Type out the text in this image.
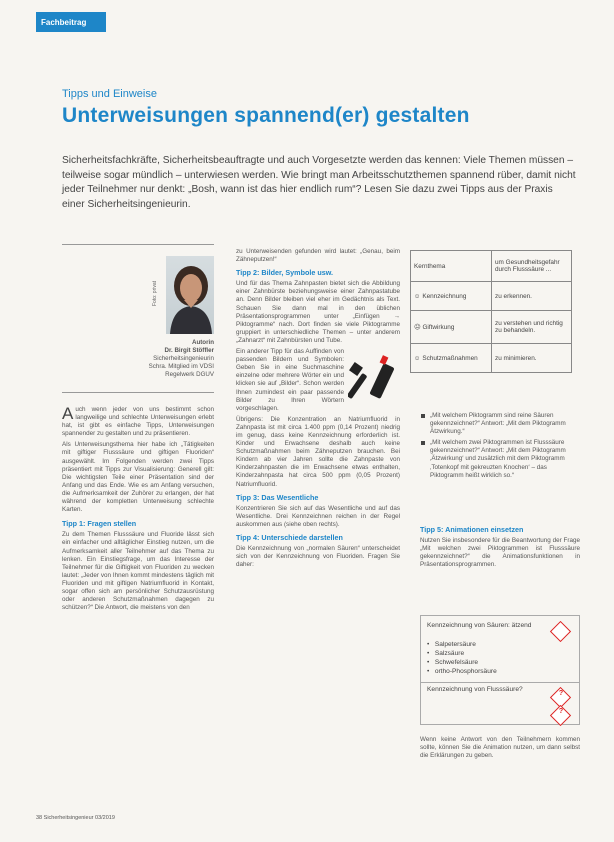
Fachbeitrag
Tipps und Einweise
Unterweisungen spannend(er) gestalten
Sicherheitsfachkräfte, Sicherheitsbeauftragte und auch Vorgesetzte werden das kennen: Viele Themen müssen – teilweise sogar mündlich – unterwiesen werden. Wie bringt man Arbeitsschutzthemen spannend rüber, damit nicht jeder Teilnehmer nur denkt: „Bosh, wann ist das hier endlich rum“? Lesen Sie dazu zwei Tipps aus der Praxis einer Sicherheitsingenieurin.
Foto: privat
Autorin
Dr. Birgit Stöffler
Sicherheitsingenieurin
Schra. Mitglied im VDSI
Regelwerk DGUV

Auch wenn jeder von uns bestimmt schon langweilige und schlechte Unterweisungen erlebt hat, ist gibt es einfache Tipps, Unterweisungen spannender zu gestalten und zu präsentieren.

Als Unterweisungsthema hier habe ich „Tätigkeiten mit giftiger Flusssäure und giftigen Fluoriden“ ausgewählt. Im Folgenden werden zwei Tipps präsentiert mit Tipps zur Visualisierung: Generell gilt: Die wichtigsten Teile einer Präsentation sind der Anfang und das Ende. Wie es am Anfang versuchen, die Aufmerksamkeit der Zuhörer zu erlangen, der hat während der kompletten Unterweisung schlechte Karten.

Tipp 1: Fragen stellen

Zu dem Themen Flusssäure und Fluoride lässt sich ein einfacher und alltäglicher Einstieg nutzen, um die Aufmerksamkeit aller Teilnehmer auf das Thema zu lenken. Ein Einstiegsfrage, um das Interesse der Teilnehmer für die Giftigkeit von Fluoriden zu wecken lautet: „Jeder von Ihnen kommt mindestens täglich mit Fluoriden und mit giftigen Natriumfluorid in Kontakt, sogar offen sich am persönlicher Schutzausrüstung oder anderen Schutzmaßnahmen dagegen zu schützen?“ Die Antwort, die meistens von den

zu Unterweisenden gefunden wird lautet: „Genau, beim Zähneputzen!“

Tipp 2: Bilder, Symbole usw.

Und für das Thema Zahnpasten bietet sich die Abbildung einer Zahnbürste beziehungsweise einer Zahnpastatube an. Denn Bilder bleiben viel eher im Gedächtnis als Text. Schauen Sie dann mal in den üblichen Präsentationsprogrammen unter „Einfügen → Piktogramme“ nach. Dort finden sie viele Piktogramme gruppiert in unterschiedliche Themen – unter anderem „Zahnarzt“ mit Zahnbürsten und Tube.

Ein anderer Tipp für das Auffinden von passenden Bildern und Symbolen: Geben Sie in eine Suchmaschine einzelne oder mehrere Wörter ein und klicken sie auf „Bilder“. Schon werden Ihnen zumindest ein paar passende Bilder zu Ihren Wörtern vorgeschlagen.

Übrigens: Die Konzentration an Natriumfluorid in Zahnpasta ist mit circa 1.400 ppm (0,14 Prozent) niedrig im genug, dass keine Kennzeichnung erforderlich ist. Kinder und Erwachsene deshalb auch keine Schutzmaßnahmen beim Zähneputzen brauchen. Bei Kindern ab vier Jahren sollte die Zahnpaste von Kinderzahnpasten die im Erwachsene etwas enthalten, Kinderzahnpasta hat circa 500 ppm (0,05 Prozent) Natriumfluorid.

Tipp 3: Das Wesentliche

Konzentrieren Sie sich auf das Wesentliche und auf das Wesentliche. Drei Kennzeichnen reichen in der Regel auskommen aus (siehe oben rechts).

Tipp 4: Unterschiede darstellen

Die Kennzeichnung von „normalen Säuren“ unterscheidet sich von der Kennzeichnung von Fluoriden. Fragen Sie daher:

Kernthema	um Gesundheitsgefahr durch Flusssäure ...
☺ Kennzeichnung	zu erkennen.
☹ Giftwirkung	zu verstehen und richtig zu behandeln.
☺ Schutzmaßnahmen	zu minimieren.
„Mit welchem Piktogramm sind reine Säuren gekennzeichnet?“ Antwort: „Mit dem Piktogramm Ätzwirkung.“
„Mit welchem zwei Piktogrammen ist Flusssäure gekennzeichnet?“ Antwort: „Mit dem Piktogramm ‚Ätzwirkung‘ und zusätzlich mit dem Piktogramm ‚Totenkopf mit gekreuzten Knochen‘ – das Piktogramm heißt wirklich so.“

Tipp 5: Animationen einsetzen

Nutzen Sie insbesondere für die Beantwortung der Frage „Mit welchen zwei Piktogrammen ist Flusssäure gekennzeichnet?“ die Animationsfunktionen in Präsentationsprogrammen.

Kennzeichnung von Säuren: ätzend
•   Salpetersäure
•   Salzsäure
•   Schwefelsäure
•   ortho-Phosphorsäure
Kennzeichnung von Flusssäure?
?
?

Wenn keine Antwort von den Teilnehmern kommen sollte, können Sie die Animation nutzen, um dann selbst die Erklärungen zu geben.

38 Sicherheitsingenieur 03/2019
